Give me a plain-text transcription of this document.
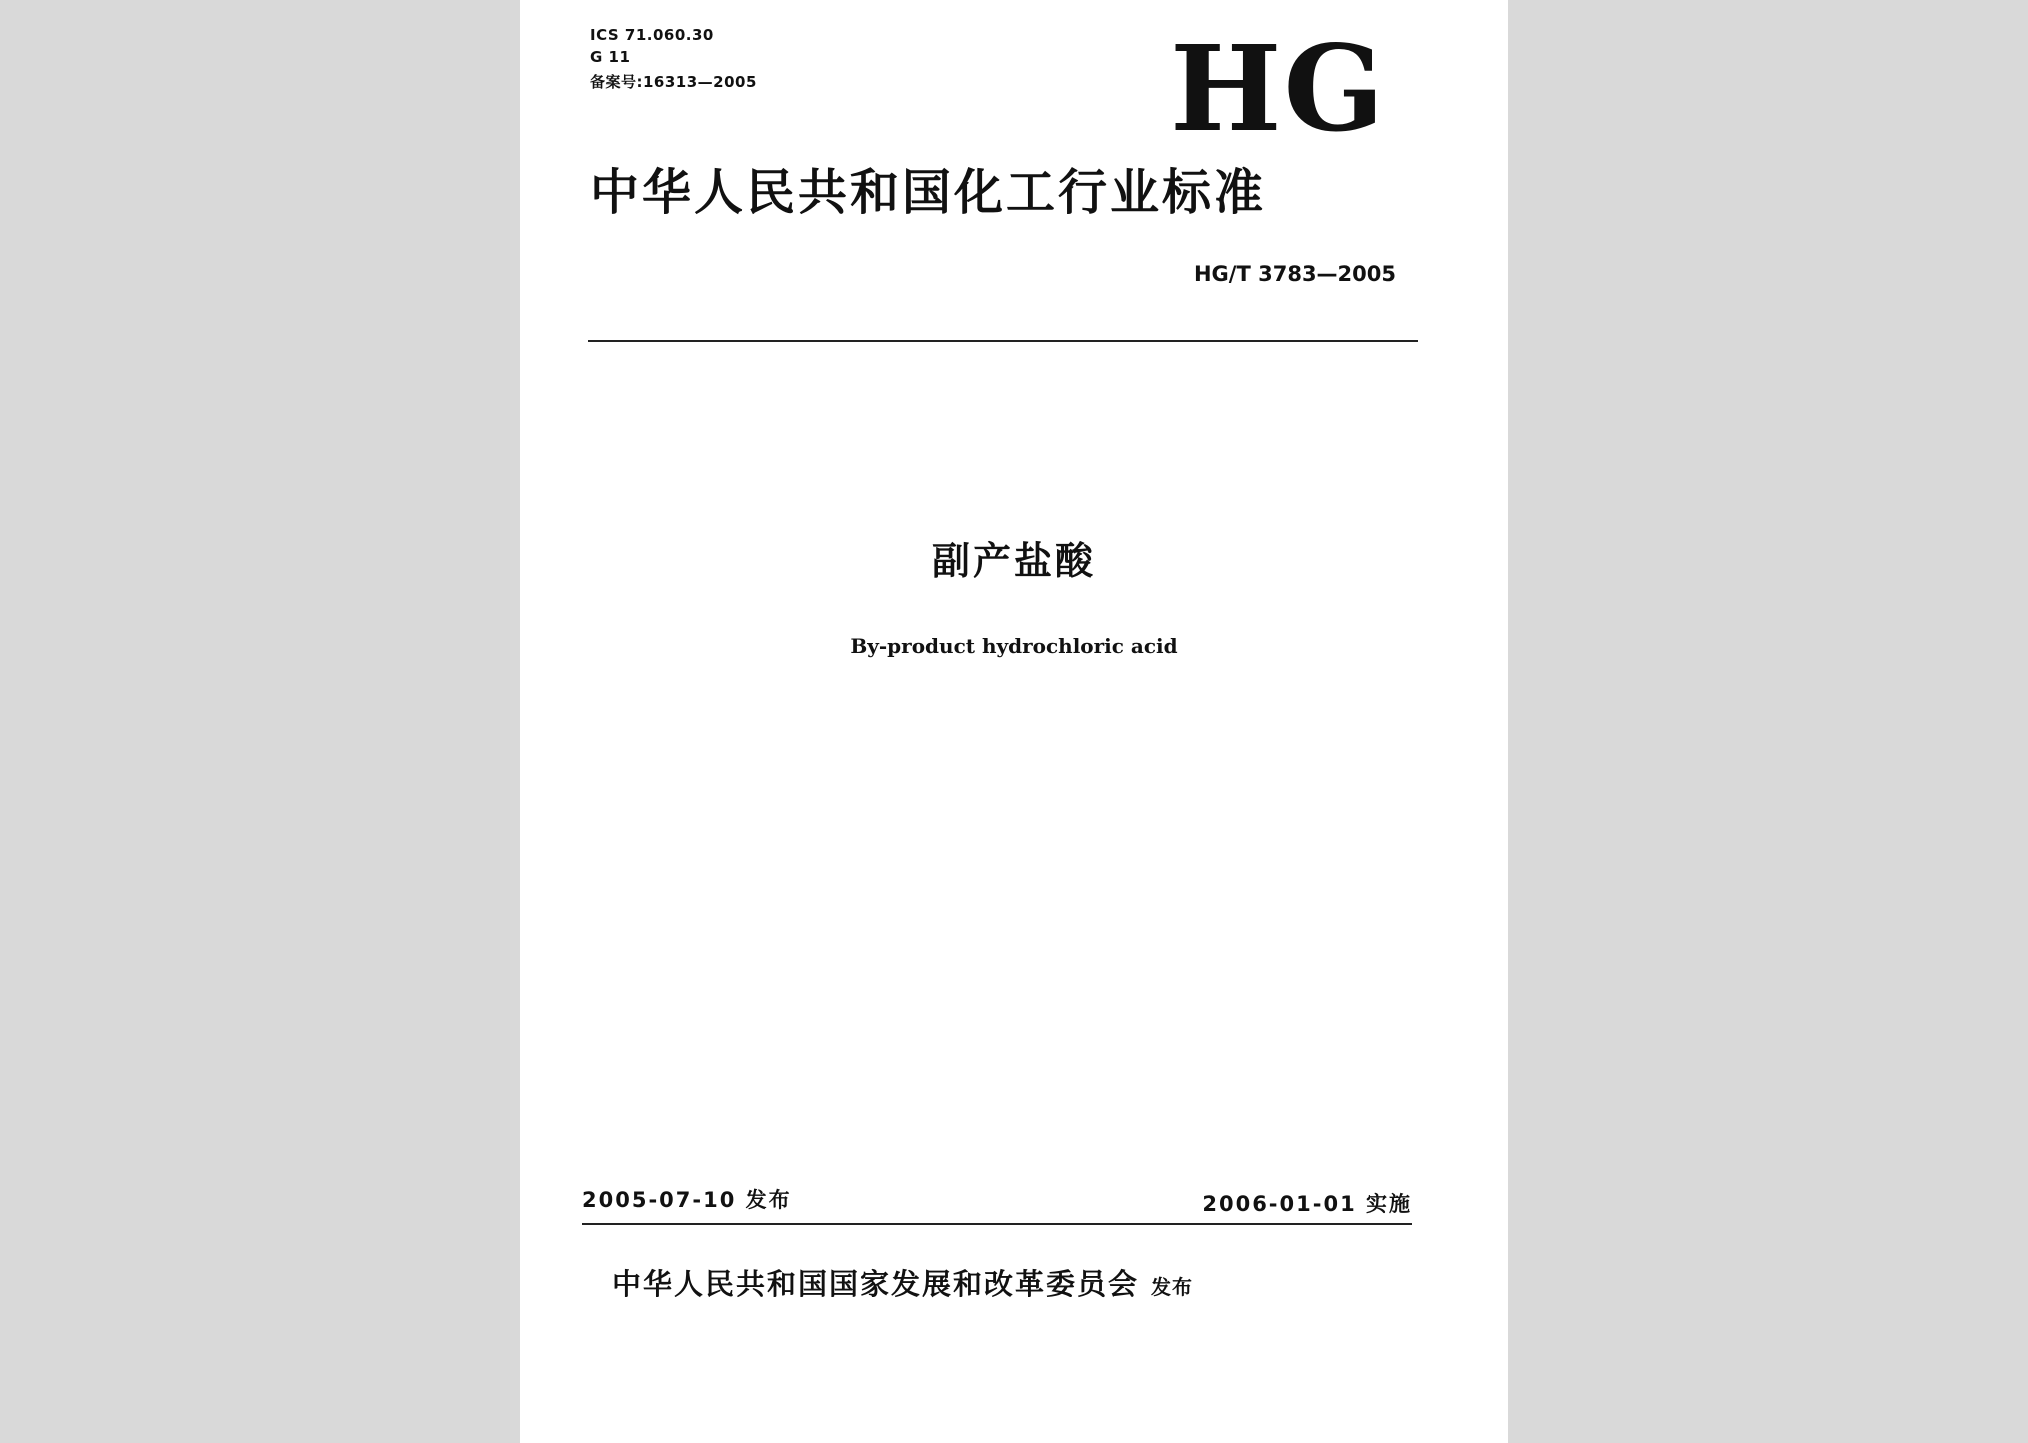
ICS 71.060.30
G 11
备案号:16313—2005	HG
中华人民共和国化工行业标准
HG/T 3783—2005
副产盐酸
By-product hydrochloric acid
2005-07-10 发布	2006-01-01 实施
中华人民共和国国家发展和改革委员会 发布
